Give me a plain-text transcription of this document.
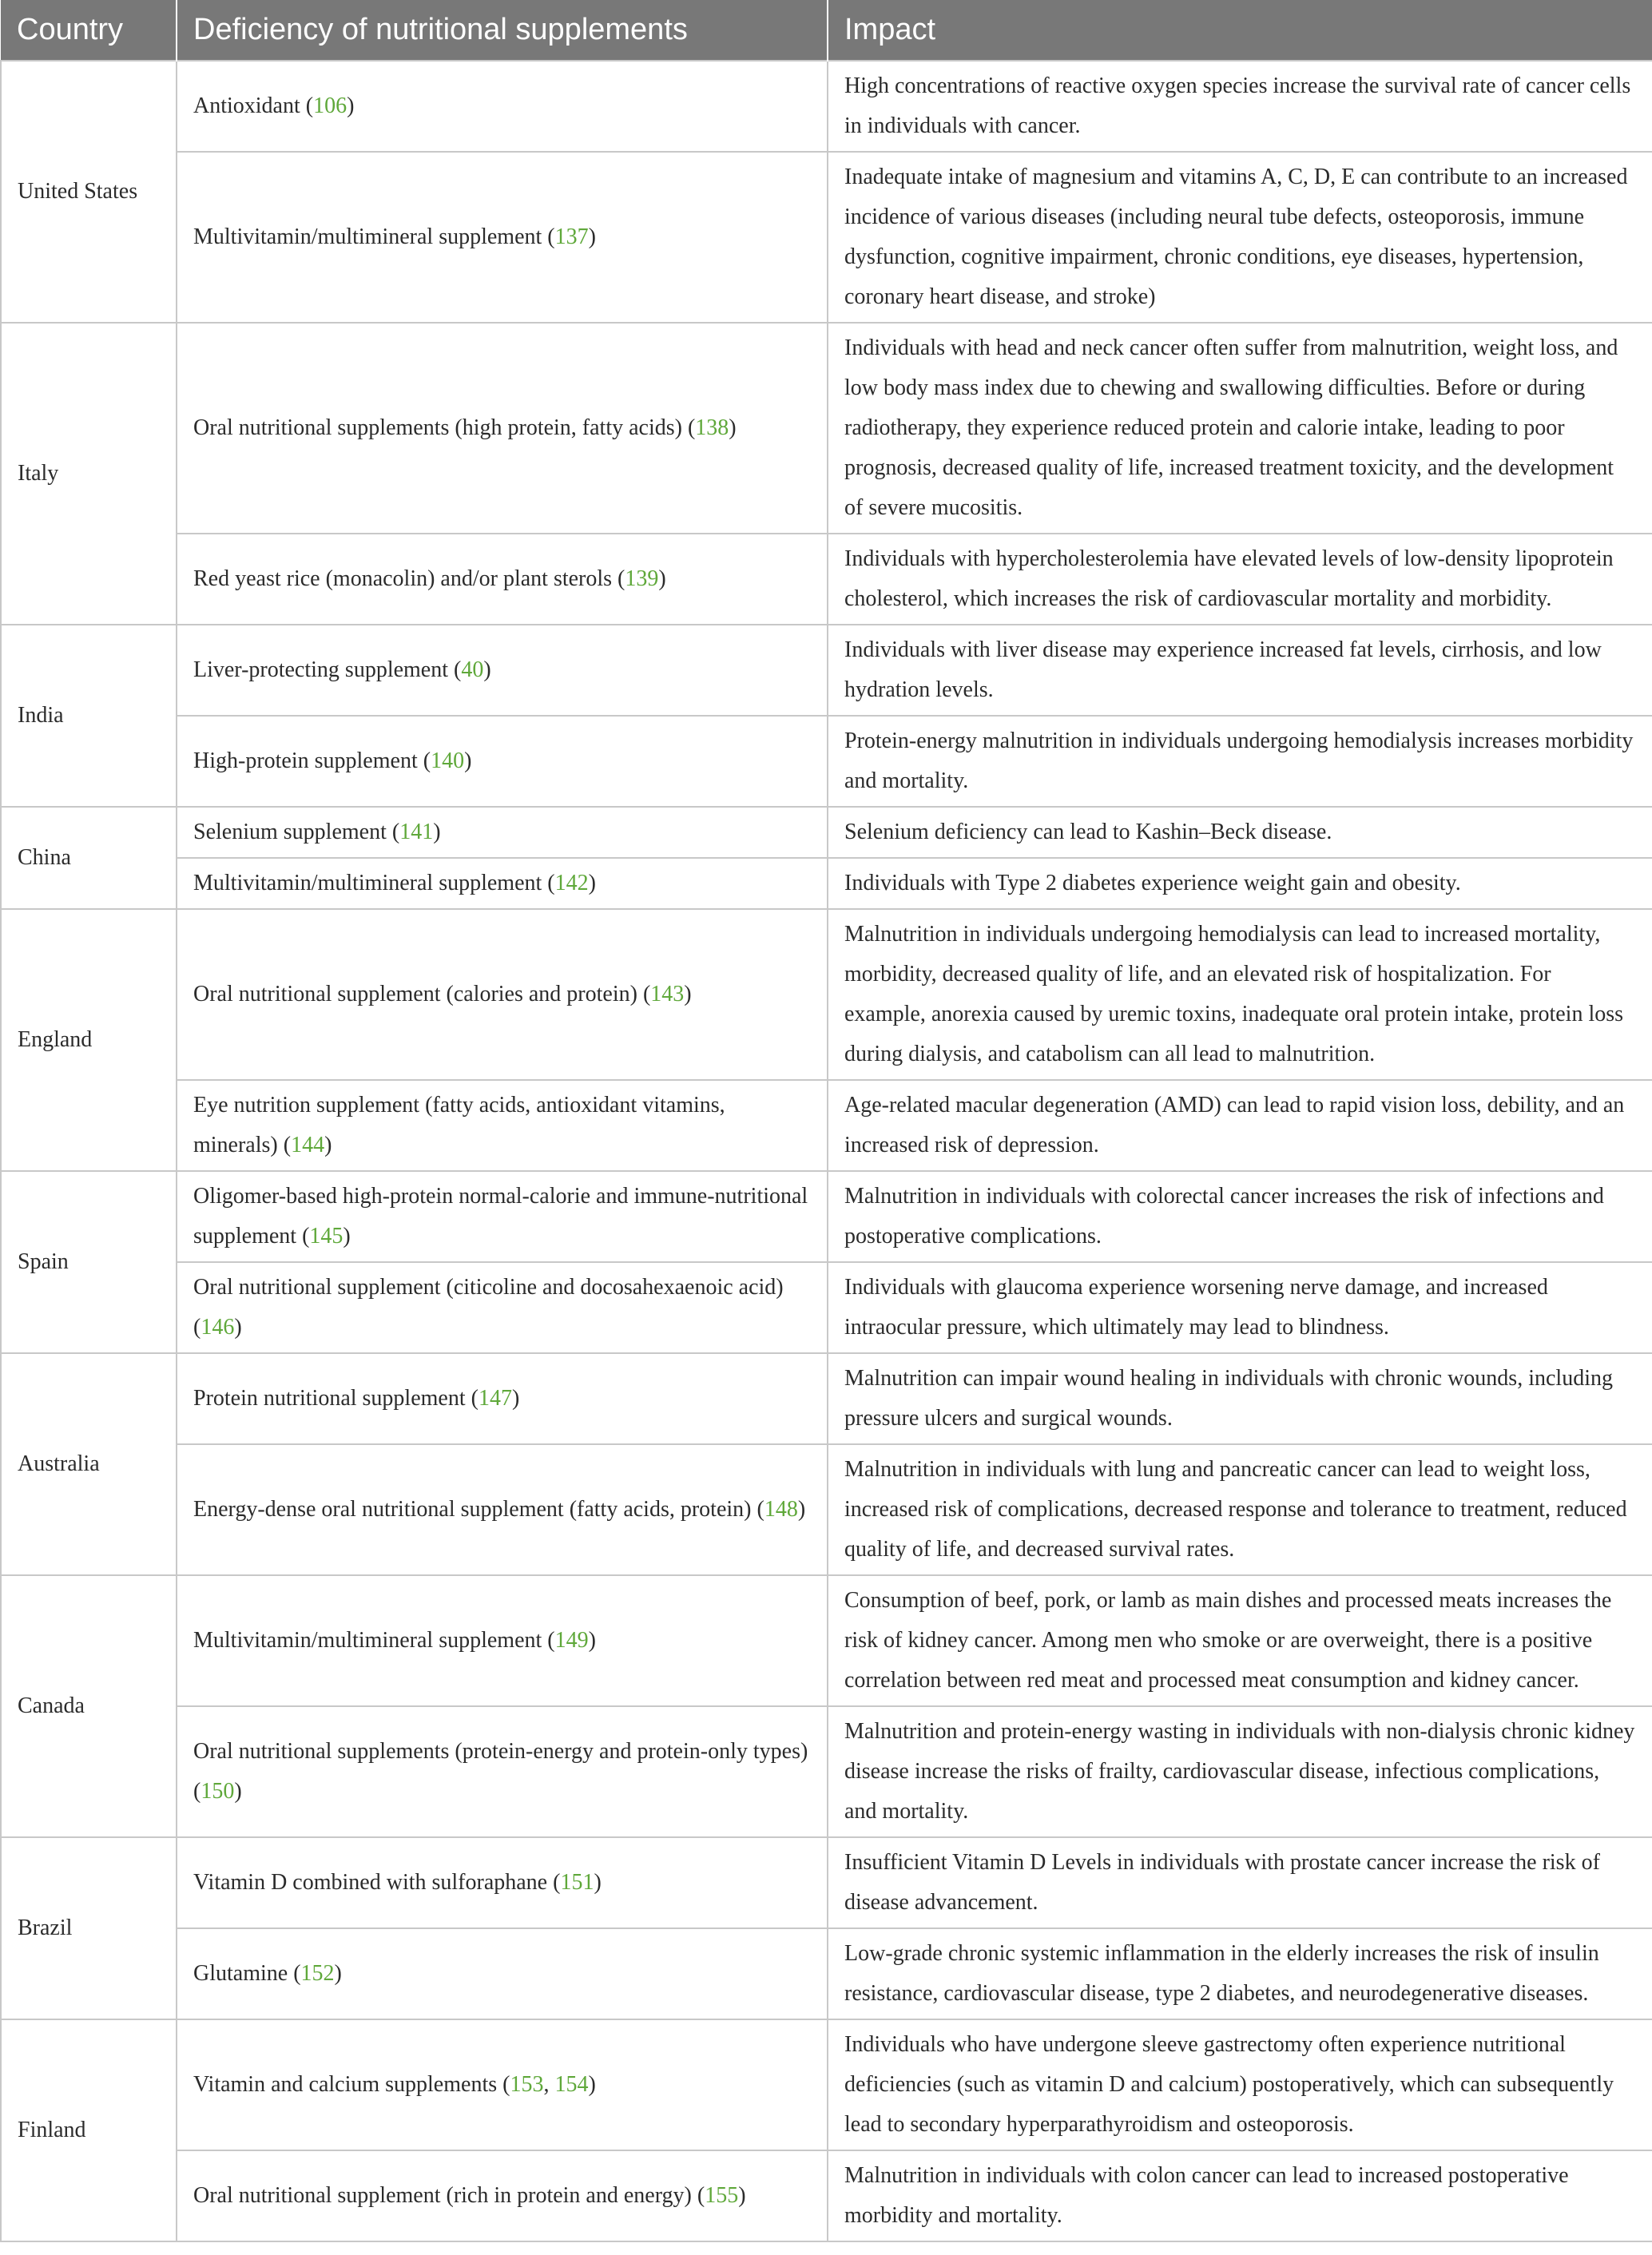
Country	Deficiency of nutritional supplements	Impact
United States	Antioxidant (106)	High concentrations of reactive oxygen species increase the survival rate of cancer cells in individuals with cancer.
	Multivitamin/multimineral supplement (137)	Inadequate intake of magnesium and vitamins A, C, D, E can contribute to an increased incidence of various diseases (including neural tube defects, osteoporosis, immune dysfunction, cognitive impairment, chronic conditions, eye diseases, hypertension, coronary heart disease, and stroke)
Italy	Oral nutritional supplements (high protein, fatty acids) (138)	Individuals with head and neck cancer often suffer from malnutrition, weight loss, and low body mass index due to chewing and swallowing difficulties. Before or during radiotherapy, they experience reduced protein and calorie intake, leading to poor prognosis, decreased quality of life, increased treatment toxicity, and the development of severe mucositis.
	Red yeast rice (monacolin) and/or plant sterols (139)	Individuals with hypercholesterolemia have elevated levels of low-density lipoprotein cholesterol, which increases the risk of cardiovascular mortality and morbidity.
India	Liver-protecting supplement (40)	Individuals with liver disease may experience increased fat levels, cirrhosis, and low hydration levels.
	High-protein supplement (140)	Protein-energy malnutrition in individuals undergoing hemodialysis increases morbidity and mortality.
China	Selenium supplement (141)	Selenium deficiency can lead to Kashin–Beck disease.
	Multivitamin/multimineral supplement (142)	Individuals with Type 2 diabetes experience weight gain and obesity.
England	Oral nutritional supplement (calories and protein) (143)	Malnutrition in individuals undergoing hemodialysis can lead to increased mortality, morbidity, decreased quality of life, and an elevated risk of hospitalization. For example, anorexia caused by uremic toxins, inadequate oral protein intake, protein loss during dialysis, and catabolism can all lead to malnutrition.
	Eye nutrition supplement (fatty acids, antioxidant vitamins, minerals) (144)	Age-related macular degeneration (AMD) can lead to rapid vision loss, debility, and an increased risk of depression.
Spain	Oligomer-based high-protein normal-calorie and immune-nutritional supplement (145)	Malnutrition in individuals with colorectal cancer increases the risk of infections and postoperative complications.
	Oral nutritional supplement (citicoline and docosahexaenoic acid) (146)	Individuals with glaucoma experience worsening nerve damage, and increased intraocular pressure, which ultimately may lead to blindness.
Australia	Protein nutritional supplement (147)	Malnutrition can impair wound healing in individuals with chronic wounds, including pressure ulcers and surgical wounds.
	Energy-dense oral nutritional supplement (fatty acids, protein) (148)	Malnutrition in individuals with lung and pancreatic cancer can lead to weight loss, increased risk of complications, decreased response and tolerance to treatment, reduced quality of life, and decreased survival rates.
Canada	Multivitamin/multimineral supplement (149)	Consumption of beef, pork, or lamb as main dishes and processed meats increases the risk of kidney cancer. Among men who smoke or are overweight, there is a positive correlation between red meat and processed meat consumption and kidney cancer.
	Oral nutritional supplements (protein-energy and protein-only types) (150)	Malnutrition and protein-energy wasting in individuals with non-dialysis chronic kidney disease increase the risks of frailty, cardiovascular disease, infectious complications, and mortality.
Brazil	Vitamin D combined with sulforaphane (151)	Insufficient Vitamin D Levels in individuals with prostate cancer increase the risk of disease advancement.
	Glutamine (152)	Low-grade chronic systemic inflammation in the elderly increases the risk of insulin resistance, cardiovascular disease, type 2 diabetes, and neurodegenerative diseases.
Finland	Vitamin and calcium supplements (153, 154)	Individuals who have undergone sleeve gastrectomy often experience nutritional deficiencies (such as vitamin D and calcium) postoperatively, which can subsequently lead to secondary hyperparathyroidism and osteoporosis.
	Oral nutritional supplement (rich in protein and energy) (155)	Malnutrition in individuals with colon cancer can lead to increased postoperative morbidity and mortality.
